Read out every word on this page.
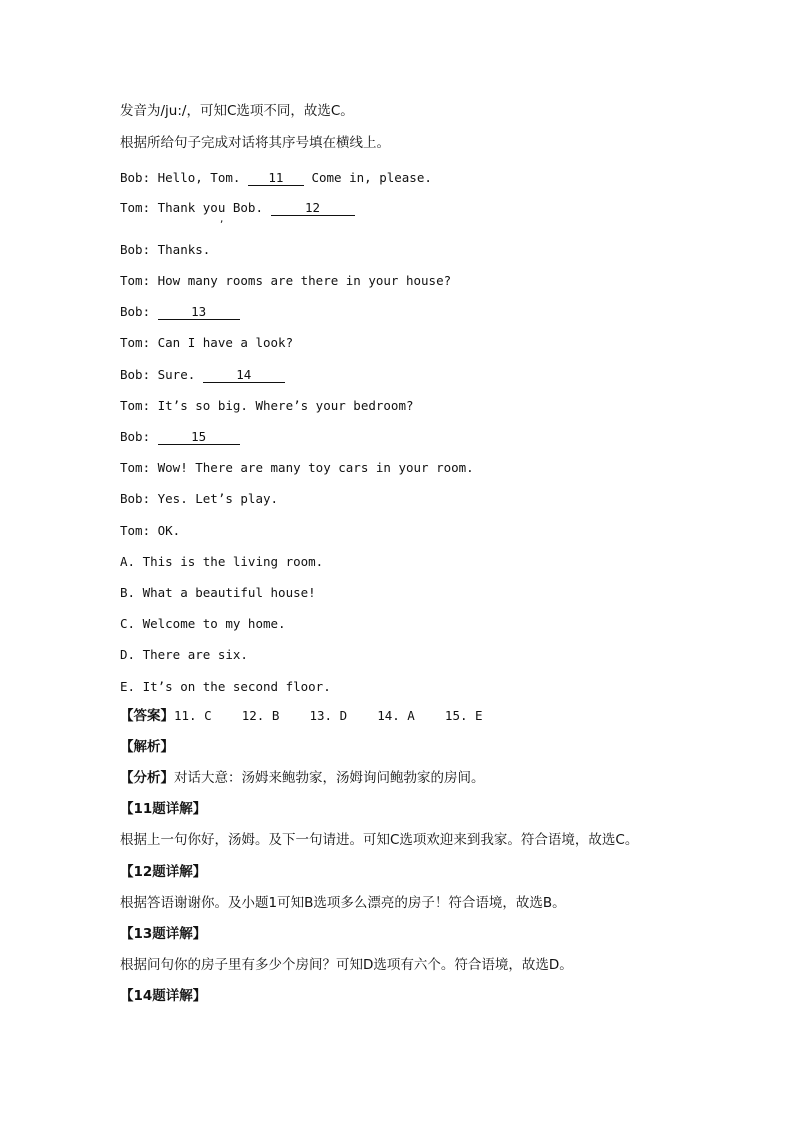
发音为/ju:/，可知C选项不同，故选C。
根据所给句子完成对话将其序号填在横线上。
Bob: Hello, Tom. 11 Come in, please.
Tom: Thank you Bob.	12
,
Bob: Thanks.
Tom: How many rooms are there in your house?
Bob:	13
Tom: Can I have a look?
Bob: Sure.	14
Tom: It’s so big. Where’s your bedroom?
Bob:	15
Tom: Wow! There are many toy cars in your room.
Bob: Yes. Let’s play.
Tom: OK.
A. This is the living room.
B. What a beautiful house!
C. Welcome to my home.
D. There are six.
E. It’s on the second floor.
【答案】11. C    12. B    13. D    14. A    15. E
【解析】
【分析】对话大意：汤姆来鲍勃家，汤姆询问鲍勃家的房间。
【11题详解】
根据上一句你好，汤姆。及下一句请进。可知C选项欢迎来到我家。符合语境，故选C。
【12题详解】
根据答语谢谢你。及小题1可知B选项多么漂亮的房子！符合语境，故选B。
【13题详解】
根据问句你的房子里有多少个房间？可知D选项有六个。符合语境，故选D。
【14题详解】
